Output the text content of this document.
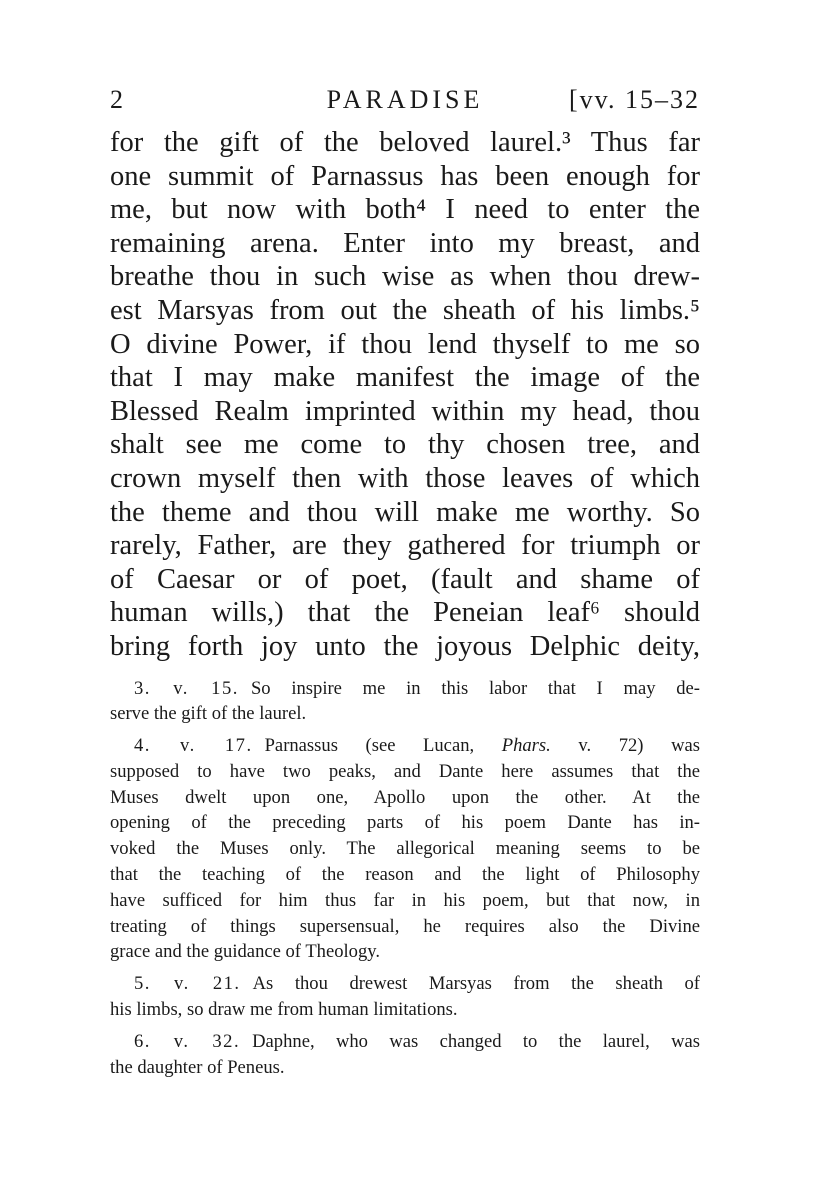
2	PARADISE	[vv. 15–32
for the gift of the beloved laurel.³ Thus far
one summit of Parnassus has been enough for
me, but now with both⁴ I need to enter the
remaining arena. Enter into my breast, and
breathe thou in such wise as when thou drew-
est Marsyas from out the sheath of his limbs.⁵
O divine Power, if thou lend thyself to me so
that I may make manifest the image of the
Blessed Realm imprinted within my head, thou
shalt see me come to thy chosen tree, and
crown myself then with those leaves of which
the theme and thou will make me worthy. So
rarely, Father, are they gathered for triumph or
of Caesar or of poet, (fault and shame of
human wills,) that the Peneian leaf⁶ should
bring forth joy unto the joyous Delphic deity,
3. v. 15. So inspire me in this labor that I may de-
serve the gift of the laurel.
4. v. 17. Parnassus (see Lucan, Phars. v. 72) was
supposed to have two peaks, and Dante here assumes that the
Muses dwelt upon one, Apollo upon the other. At the
opening of the preceding parts of his poem Dante has in-
voked the Muses only. The allegorical meaning seems to be
that the teaching of the reason and the light of Philosophy
have sufficed for him thus far in his poem, but that now, in
treating of things supersensual, he requires also the Divine
grace and the guidance of Theology.
5. v. 21. As thou drewest Marsyas from the sheath of
his limbs, so draw me from human limitations.
6. v. 32. Daphne, who was changed to the laurel, was
the daughter of Peneus.
